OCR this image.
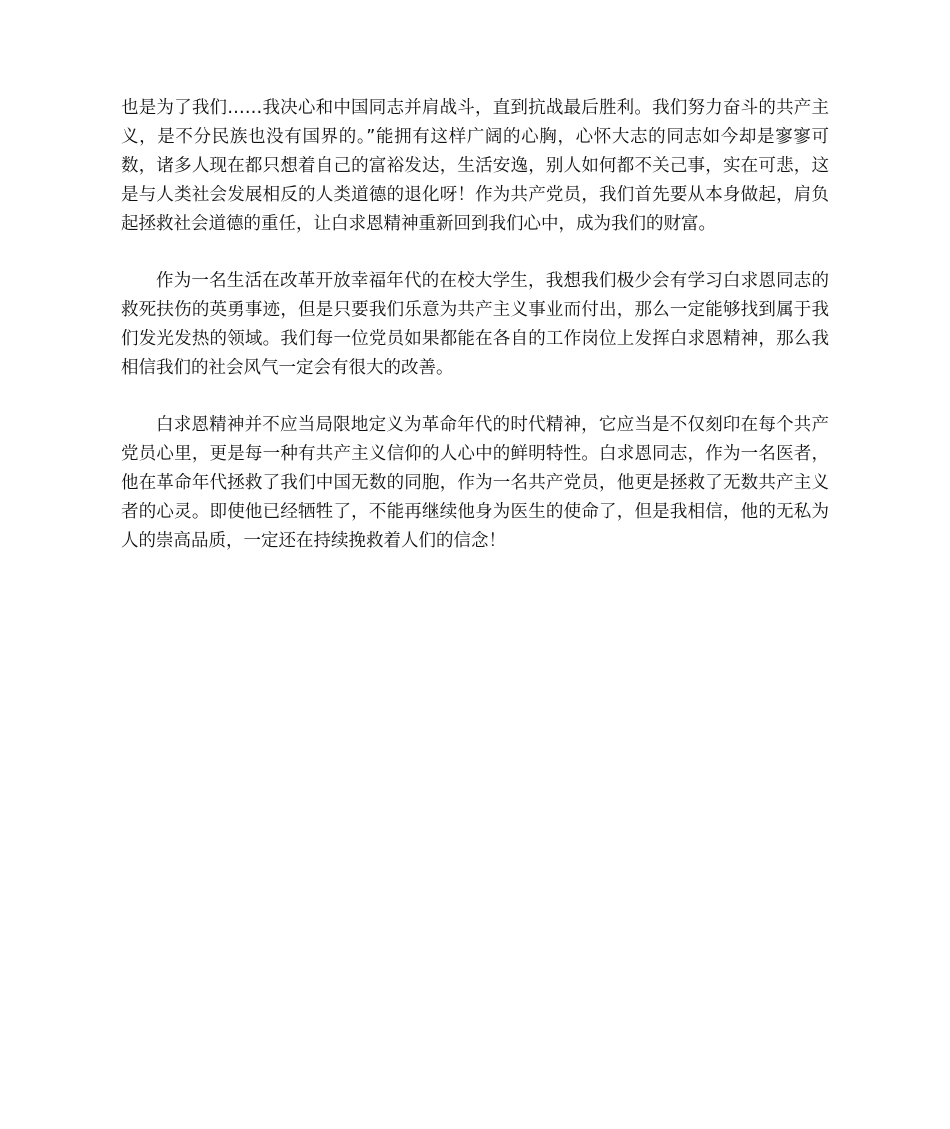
也是为了我们……我决心和中国同志并肩战斗，直到抗战最后胜利。我们努力奋斗的共产主义，是不分民族也没有国界的。”能拥有这样广阔的心胸，心怀大志的同志如今却是寥寥可数，诸多人现在都只想着自己的富裕发达，生活安逸，别人如何都不关己事，实在可悲，这是与人类社会发展相反的人类道德的退化呀！作为共产党员，我们首先要从本身做起，肩负起拯救社会道德的重任，让白求恩精神重新回到我们心中，成为我们的财富。

作为一名生活在改革开放幸福年代的在校大学生，我想我们极少会有学习白求恩同志的救死扶伤的英勇事迹，但是只要我们乐意为共产主义事业而付出，那么一定能够找到属于我们发光发热的领域。我们每一位党员如果都能在各自的工作岗位上发挥白求恩精神，那么我相信我们的社会风气一定会有很大的改善。

白求恩精神并不应当局限地定义为革命年代的时代精神，它应当是不仅刻印在每个共产党员心里，更是每一种有共产主义信仰的人心中的鲜明特性。白求恩同志，作为一名医者，他在革命年代拯救了我们中国无数的同胞，作为一名共产党员，他更是拯救了无数共产主义者的心灵。即使他已经牺牲了，不能再继续他身为医生的使命了，但是我相信，他的无私为人的崇高品质，一定还在持续挽救着人们的信念！
